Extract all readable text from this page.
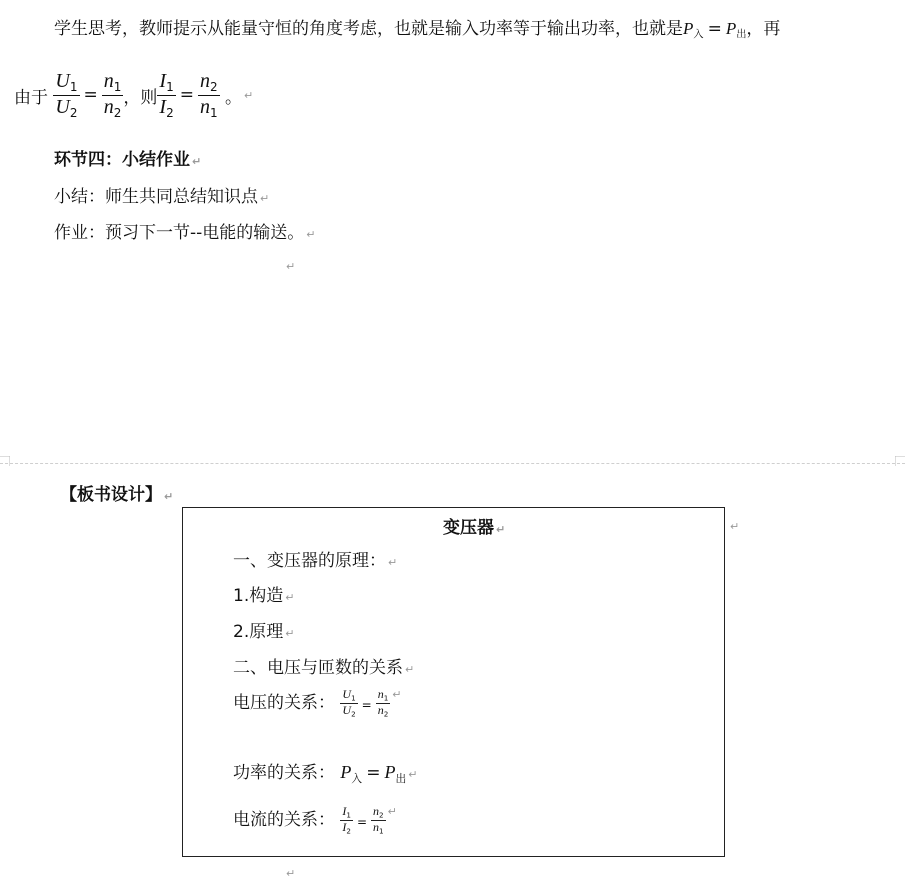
学生思考，教师提示从能量守恒的角度考虑，也就是输入功率等于输出功率，也就是$P_入 = P_出$，再
由于 $\frac{U_1}{U_2} = \frac{n_1}{n_2}$ ，则 $\frac{I_1}{I_2} = \frac{n_2}{n_1}$ 。 ↵
环节四：小结作业 ↵
小结：师生共同总结知识点 ↵
作业：预习下一节--电能的输送。 ↵
↵
【板书设计】 ↵
变压器 ↵
一、变压器的原理： ↵
1.构造 ↵
2.原理 ↵
二、电压与匝数的关系 ↵
电压的关系： $\frac{U_1}{U_2} ^= \frac{n_1}{n_2} ^↵$
功率的关系： $P_入 = P_出$ ↵
电流的关系： $\frac{I_1}{I_2} ^= \frac{n_2}{n_1} ^↵$
↵
↵
